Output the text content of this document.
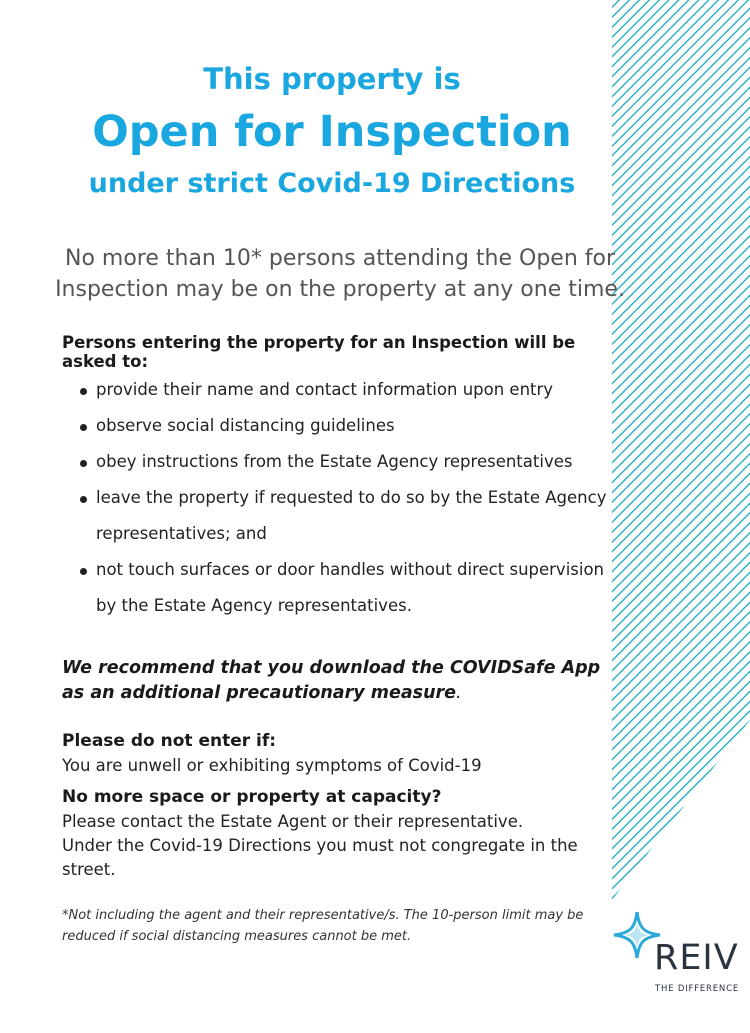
This property is
Open for Inspection
under strict Covid-19 Directions
No more than 10* persons attending the Open for Inspection may be on the property at any one time.
Persons entering the property for an Inspection will be asked to:
provide their name and contact information upon entry
observe social distancing guidelines
obey instructions from the Estate Agency representatives
leave the property if requested to do so by the Estate Agency representatives; and
not touch surfaces or door handles without direct supervision by the Estate Agency representatives.
We recommend that you download the COVIDSafe App as an additional precautionary measure.
Please do not enter if:
You are unwell or exhibiting symptoms of Covid-19
No more space or property at capacity?
Please contact the Estate Agent or their representative.
Under the Covid-19 Directions you must not congregate in the street.
*Not including the agent and their representative/s. The 10-person limit may be reduced if social distancing measures cannot be met.
REIV
THE DIFFERENCE
